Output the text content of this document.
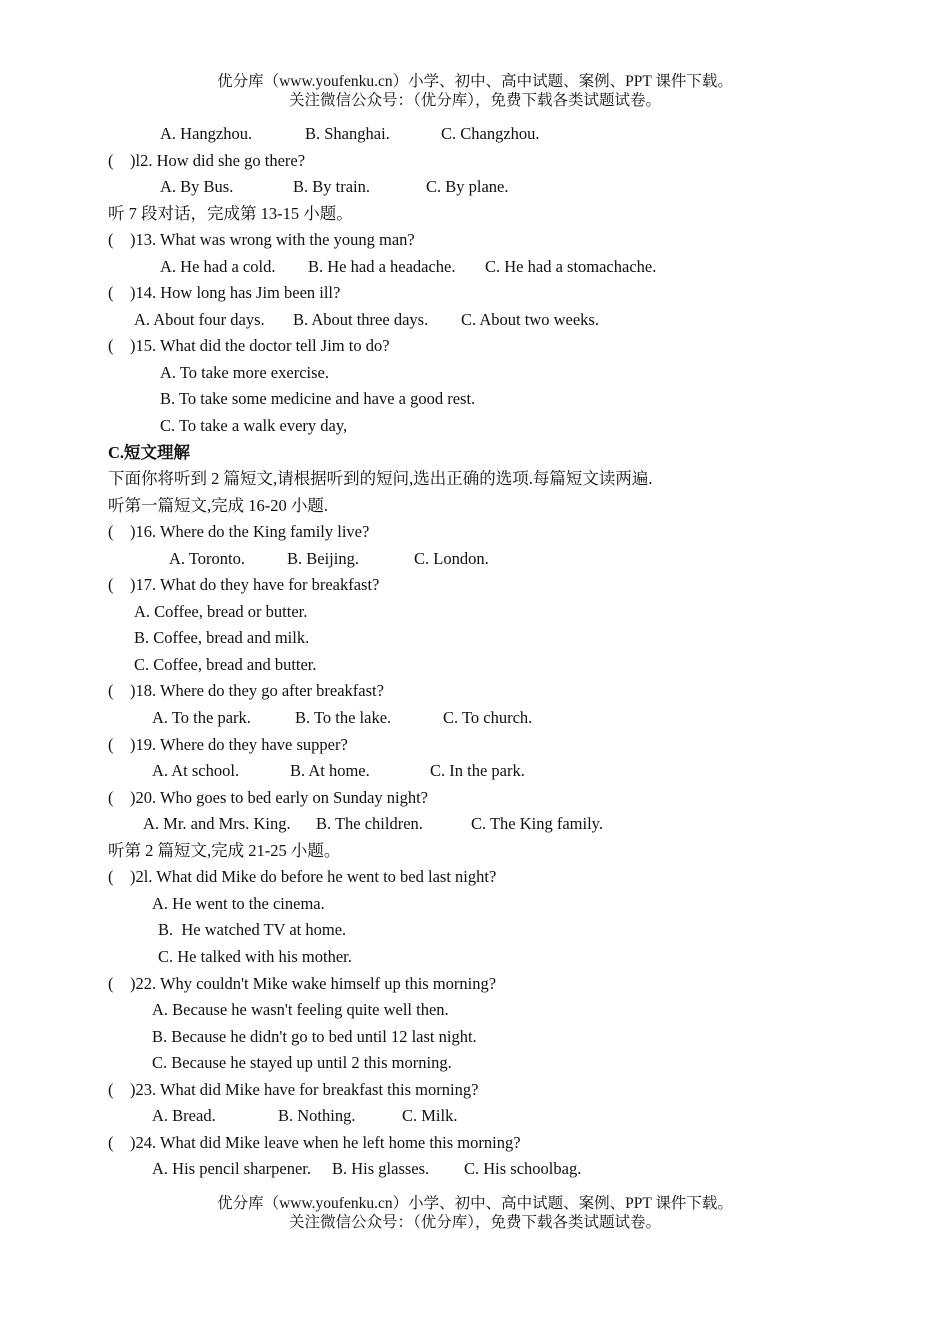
优分库（www.youfenku.cn）小学、初中、高中试题、案例、PPT 课件下载。
关注微信公众号：（优分库），免费下载各类试题试卷。
A. Hangzhou.	B. Shanghai.	C. Changzhou.
(    )l2. How did she go there?
A. By Bus.	B. By train.	C. By plane.
听 7 段对话，完成第 13-15 小题。
(    )13. What was wrong with the young man?
A. He had a cold. B. He had a headache. C. He had a stomachache.
(    )14. How long has Jim been ill?
A. About four days. B. About three days. C. About two weeks.
(    )15. What did the doctor tell Jim to do?
A. To take more exercise.
B. To take some medicine and have a good rest.
C. To take a walk every day,
C.短文理解
下面你将听到 2 篇短文,请根据听到的短问,选出正确的选项.每篇短文读两遍.
听第一篇短文,完成 16-20 小题.
(    )16. Where do the King family live?
A. Toronto.	B. Beijing.	C. London.
(    )17. What do they have for breakfast?
A. Coffee, bread or butter.
B. Coffee, bread and milk.
C. Coffee, bread and butter.
(    )18. Where do they go after breakfast?
A. To the park.	B. To the lake.	C. To church.
(    )19. Where do they have supper?
A. At school.	B. At home.	C. In the park.
(    )20. Who goes to bed early on Sunday night?
A. Mr. and Mrs. King. B. The children.	C. The King family.
听第 2 篇短文,完成 21-25 小题。
(    )2l. What did Mike do before he went to bed last night?
A. He went to the cinema.
B.  He watched TV at home.
C. He talked with his mother.
(    )22. Why couldn't Mike wake himself up this morning?
A. Because he wasn't feeling quite well then.
B. Because he didn't go to bed until 12 last night.
C. Because he stayed up until 2 this morning.
(    )23. What did Mike have for breakfast this morning?
A. Bread.	B. Nothing.	C. Milk.
(    )24. What did Mike leave when he left home this morning?
A. His pencil sharpener. B. His glasses. C. His schoolbag.
优分库（www.youfenku.cn）小学、初中、高中试题、案例、PPT 课件下载。
关注微信公众号：（优分库），免费下载各类试题试卷。
